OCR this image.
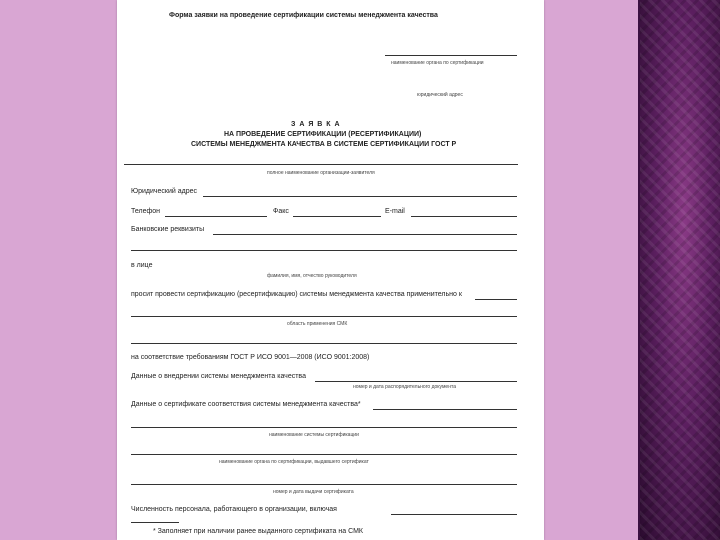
Форма заявки на проведение сертификации системы менеджмента качества
наименование органа по сертификации
юридический адрес
З А Я В К А
НА ПРОВЕДЕНИЕ СЕРТИФИКАЦИИ (РЕСЕРТИФИКАЦИИ)
СИСТЕМЫ МЕНЕДЖМЕНТА КАЧЕСТВА В СИСТЕМЕ СЕРТИФИКАЦИИ ГОСТ Р
полное наименование организации-заявителя
Юридический адрес
Телефон	Факс	E-mail
Банковские реквизиты
в лице
фамилия, имя, отчество руководителя
просит провести сертификацию (ресертификацию) системы менеджмента качества применительно к
область применения СМК
на соответствие требованиям ГОСТ Р ИСО 9001—2008 (ИСО 9001:2008)
Данные о внедрении системы менеджмента качества
номер и дата распорядительного документа
Данные о сертификате соответствия системы менеджмента качества*
наименование системы сертификации
наименование органа по сертификации, выдавшего сертификат
номер и дата выдачи сертификата
Численность персонала, работающего в организации, включая
* Заполняет при наличии ранее выданного сертификата на СМК
